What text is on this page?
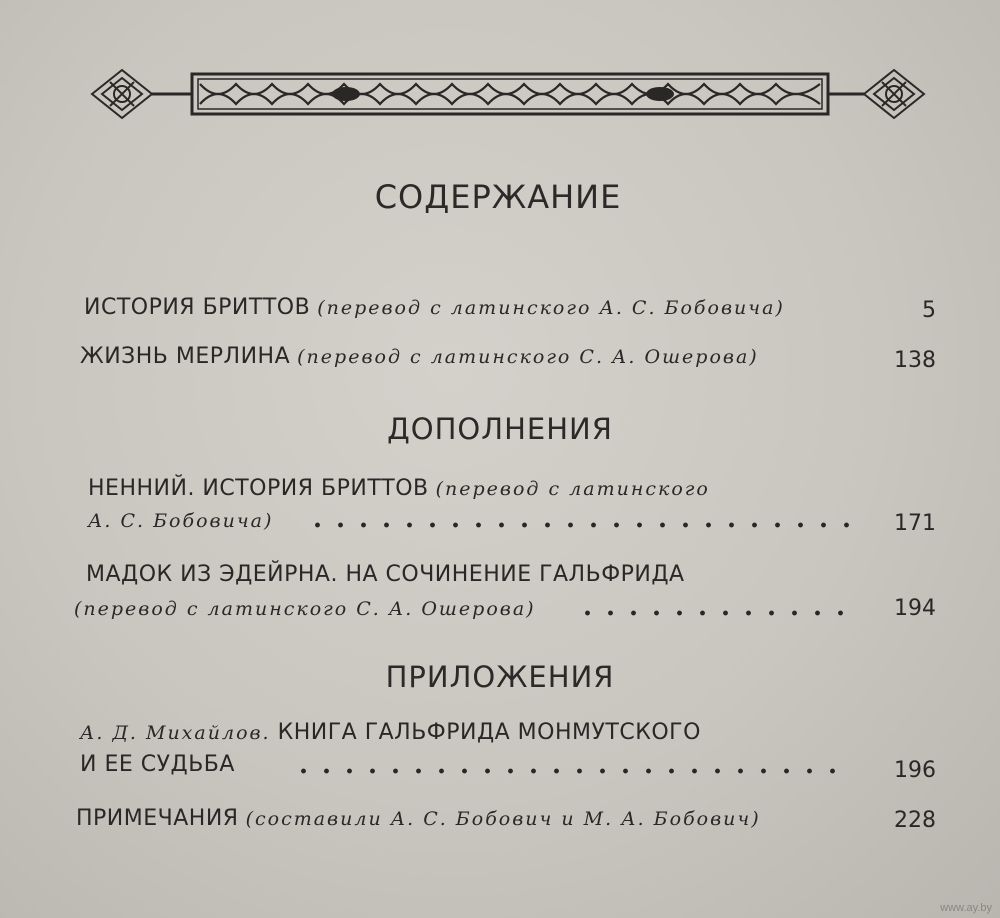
СОДЕРЖАНИЕ
ИСТОРИЯ БРИТТОВ (перевод с латинского А. С. Бобовича)	5
ЖИЗНЬ МЕРЛИНА (перевод с латинского С. А. Ошерова)	138
ДОПОЛНЕНИЯ
НЕННИЙ. ИСТОРИЯ БРИТТОВ (перевод с латинского
А. С. Бобовича)	171
МАДОК ИЗ ЭДЕЙРНА. НА СОЧИНЕНИЕ ГАЛЬФРИДА
(перевод с латинского С. А. Ошерова)	194
ПРИЛОЖЕНИЯ
А. Д. Михайлов. КНИГА ГАЛЬФРИДА МОНМУТСКОГО
И ЕЕ СУДЬБА	196
ПРИМЕЧАНИЯ (составили А. С. Бобович и М. А. Бобович)	228
www.ay.by
